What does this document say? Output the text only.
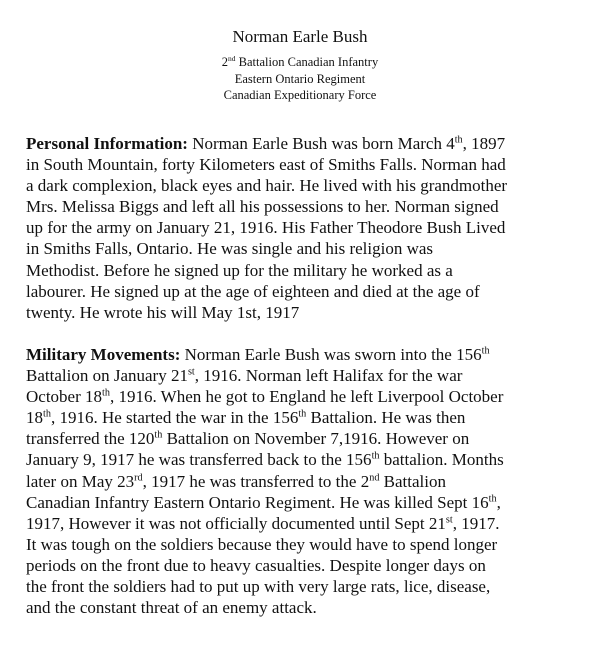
Norman Earle Bush
2nd Battalion Canadian Infantry
Eastern Ontario Regiment
Canadian Expeditionary Force
Personal Information: Norman Earle Bush was born March 4th, 1897
in South Mountain, forty Kilometers east of Smiths Falls. Norman had
a dark complexion, black eyes and hair. He lived with his grandmother
Mrs. Melissa Biggs and left all his possessions to her. Norman signed
up for the army on January 21, 1916. His Father Theodore Bush Lived
in Smiths Falls, Ontario. He was single and his religion was
Methodist. Before he signed up for the military he worked as a
labourer. He signed up at the age of eighteen and died at the age of
twenty. He wrote his will May 1st, 1917
Military Movements: Norman Earle Bush was sworn into the 156th
Battalion on January 21st, 1916. Norman left Halifax for the war
October 18th, 1916. When he got to England he left Liverpool October
18th, 1916. He started the war in the 156th Battalion. He was then
transferred the 120th Battalion on November 7,1916. However on
January 9, 1917 he was transferred back to the 156th battalion. Months
later on May 23rd, 1917 he was transferred to the 2nd Battalion
Canadian Infantry Eastern Ontario Regiment. He was killed Sept 16th,
1917, However it was not officially documented until Sept 21st, 1917.
It was tough on the soldiers because they would have to spend longer
periods on the front due to heavy casualties. Despite longer days on
the front the soldiers had to put up with very large rats, lice, disease,
and the constant threat of an enemy attack.
